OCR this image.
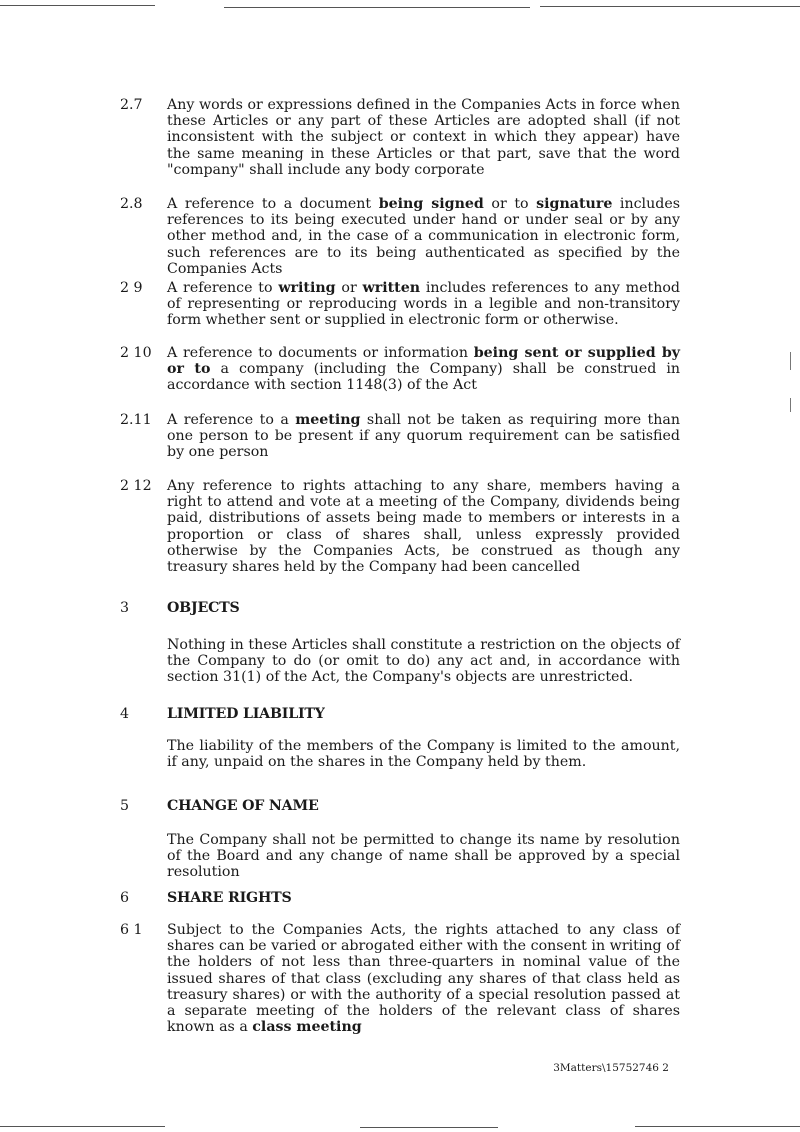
2.7	Any words or expressions defined in the Companies Acts in force when these Articles or any part of these Articles are adopted shall (if not inconsistent with the subject or context in which they appear) have the same meaning in these Articles or that part, save that the word "company" shall include any body corporate
2.8	A reference to a document being signed or to signature includes references to its being executed under hand or under seal or by any other method and, in the case of a communication in electronic form, such references are to its being authenticated as specified by the Companies Acts
2 9	A reference to writing or written includes references to any method of representing or reproducing words in a legible and non-transitory form whether sent or supplied in electronic form or otherwise.
2 10	A reference to documents or information being sent or supplied by or to a company (including the Company) shall be construed in accordance with section 1148(3) of the Act
2.11	A reference to a meeting shall not be taken as requiring more than one person to be present if any quorum requirement can be satisfied by one person
2 12	Any reference to rights attaching to any share, members having a right to attend and vote at a meeting of the Company, dividends being paid, distributions of assets being made to members or interests in a proportion or class of shares shall, unless expressly provided otherwise by the Companies Acts, be construed as though any treasury shares held by the Company had been cancelled
3	OBJECTS
Nothing in these Articles shall constitute a restriction on the objects of the Company to do (or omit to do) any act and, in accordance with section 31(1) of the Act, the Company's objects are unrestricted.
4	LIMITED LIABILITY
The liability of the members of the Company is limited to the amount, if any, unpaid on the shares in the Company held by them.
5	CHANGE OF NAME
The Company shall not be permitted to change its name by resolution of the Board and any change of name shall be approved by a special resolution
6	SHARE RIGHTS
6 1	Subject to the Companies Acts, the rights attached to any class of shares can be varied or abrogated either with the consent in writing of the holders of not less than three-quarters in nominal value of the issued shares of that class (excluding any shares of that class held as treasury shares) or with the authority of a special resolution passed at a separate meeting of the holders of the relevant class of shares known as a class meeting
3Matters\15752746 2
